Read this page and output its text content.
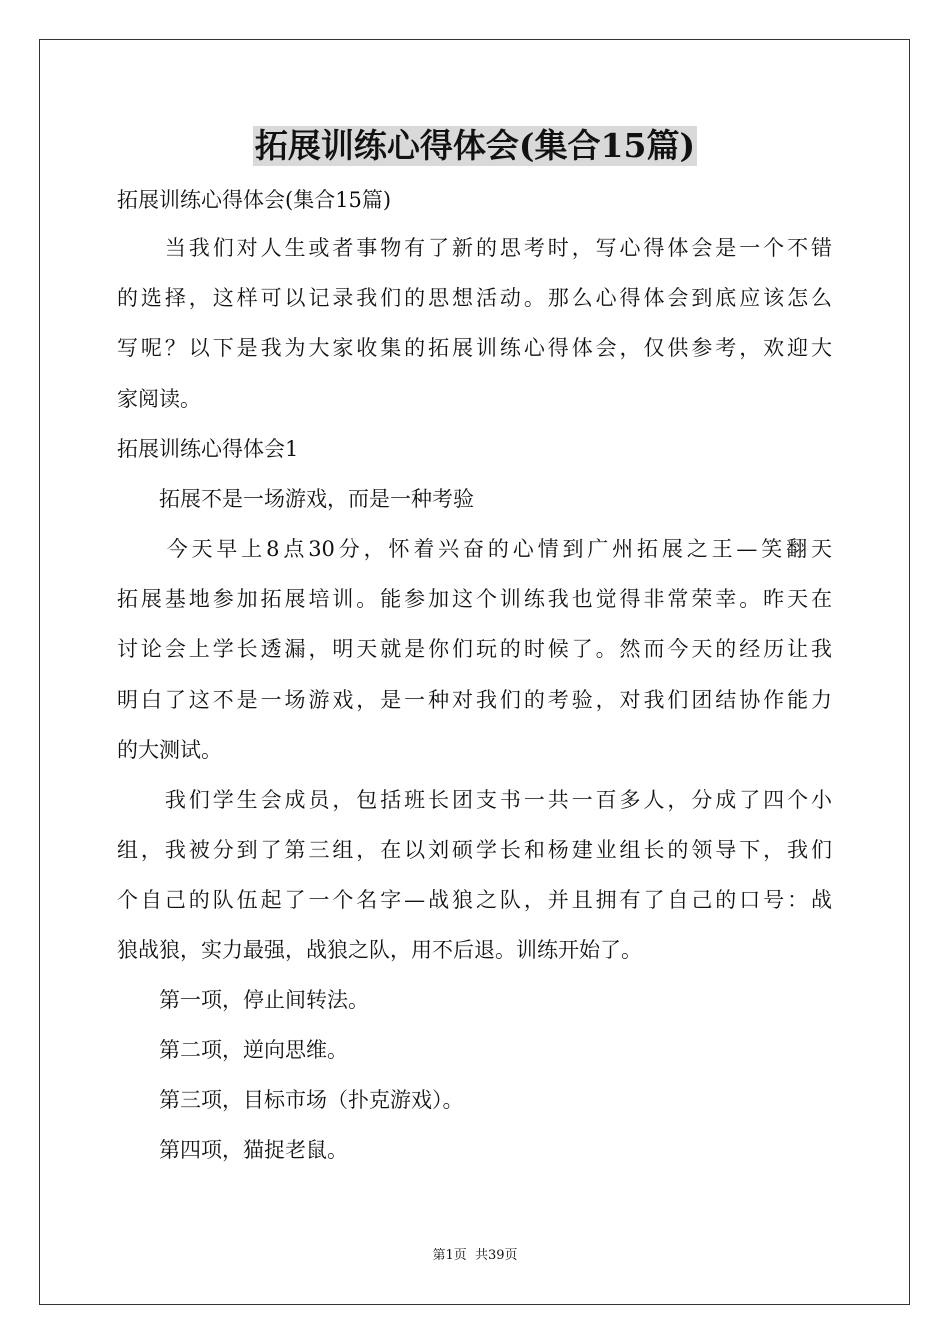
拓展训练心得体会(集合15篇)
拓展训练心得体会(集合15篇)
　　当我们对人生或者事物有了新的思考时，写心得体会是一个不错
的选择，这样可以记录我们的思想活动。那么心得体会到底应该怎么
写呢？以下是我为大家收集的拓展训练心得体会，仅供参考，欢迎大
家阅读。
拓展训练心得体会1
　　拓展不是一场游戏，而是一种考验
　　今天早上8点30分，怀着兴奋的心情到广州拓展之王—笑翻天
拓展基地参加拓展培训。能参加这个训练我也觉得非常荣幸。昨天在
讨论会上学长透漏，明天就是你们玩的时候了。然而今天的经历让我
明白了这不是一场游戏，是一种对我们的考验，对我们团结协作能力
的大测试。
　　我们学生会成员，包括班长团支书一共一百多人，分成了四个小
组，我被分到了第三组，在以刘硕学长和杨建业组长的领导下，我们
个自己的队伍起了一个名字—战狼之队，并且拥有了自己的口号：战
狼战狼，实力最强，战狼之队，用不后退。训练开始了。
　　第一项，停止间转法。
　　第二项，逆向思维。
　　第三项，目标市场（扑克游戏）。
　　第四项，猫捉老鼠。
第1页 共39页
